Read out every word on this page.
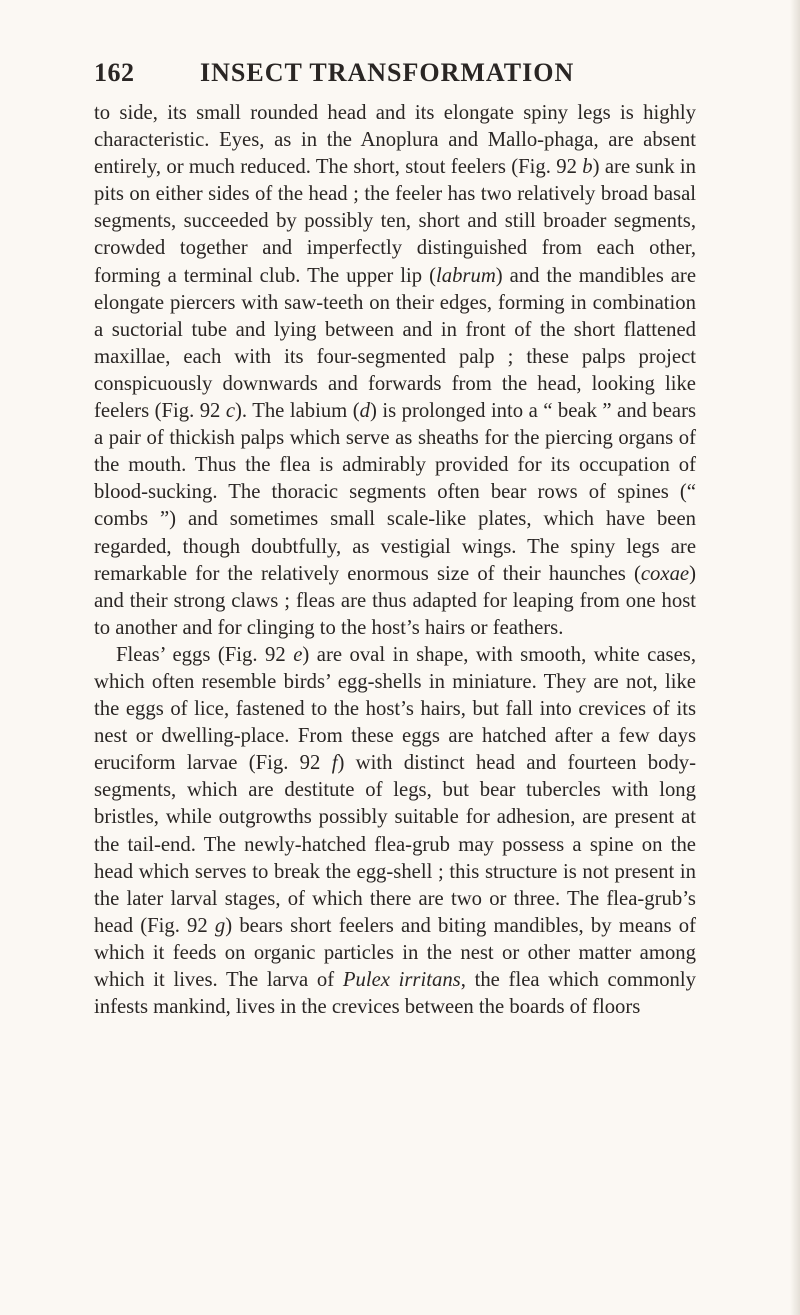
162	INSECT TRANSFORMATION

to side, its small rounded head and its elongate spiny legs is highly characteristic. Eyes, as in the Anoplura and Mallo-phaga, are absent entirely, or much reduced. The short, stout feelers (Fig. 92 b) are sunk in pits on either sides of the head ; the feeler has two relatively broad basal segments, succeeded by possibly ten, short and still broader segments, crowded together and imperfectly distinguished from each other, forming a terminal club. The upper lip (labrum) and the mandibles are elongate piercers with saw-teeth on their edges, forming in combination a suctorial tube and lying between and in front of the short flattened maxillae, each with its four-segmented palp ; these palps project conspicuously downwards and forwards from the head, looking like feelers (Fig. 92 c). The labium (d) is prolonged into a “ beak ” and bears a pair of thickish palps which serve as sheaths for the piercing organs of the mouth. Thus the flea is admirably provided for its occupation of blood-sucking. The thoracic segments often bear rows of spines (“ combs ”) and sometimes small scale-like plates, which have been regarded, though doubtfully, as vestigial wings. The spiny legs are remarkable for the relatively enormous size of their haunches (coxae) and their strong claws ; fleas are thus adapted for leaping from one host to another and for clinging to the host’s hairs or feathers.

Fleas’ eggs (Fig. 92 e) are oval in shape, with smooth, white cases, which often resemble birds’ egg-shells in miniature. They are not, like the eggs of lice, fastened to the host’s hairs, but fall into crevices of its nest or dwelling-place. From these eggs are hatched after a few days eruciform larvae (Fig. 92 f) with distinct head and fourteen body-segments, which are destitute of legs, but bear tubercles with long bristles, while outgrowths possibly suitable for adhesion, are present at the tail-end. The newly-hatched flea-grub may possess a spine on the head which serves to break the egg-shell ; this structure is not present in the later larval stages, of which there are two or three. The flea-grub’s head (Fig. 92 g) bears short feelers and biting mandibles, by means of which it feeds on organic particles in the nest or other matter among which it lives. The larva of Pulex irritans, the flea which commonly infests mankind, lives in the crevices between the boards of floors
